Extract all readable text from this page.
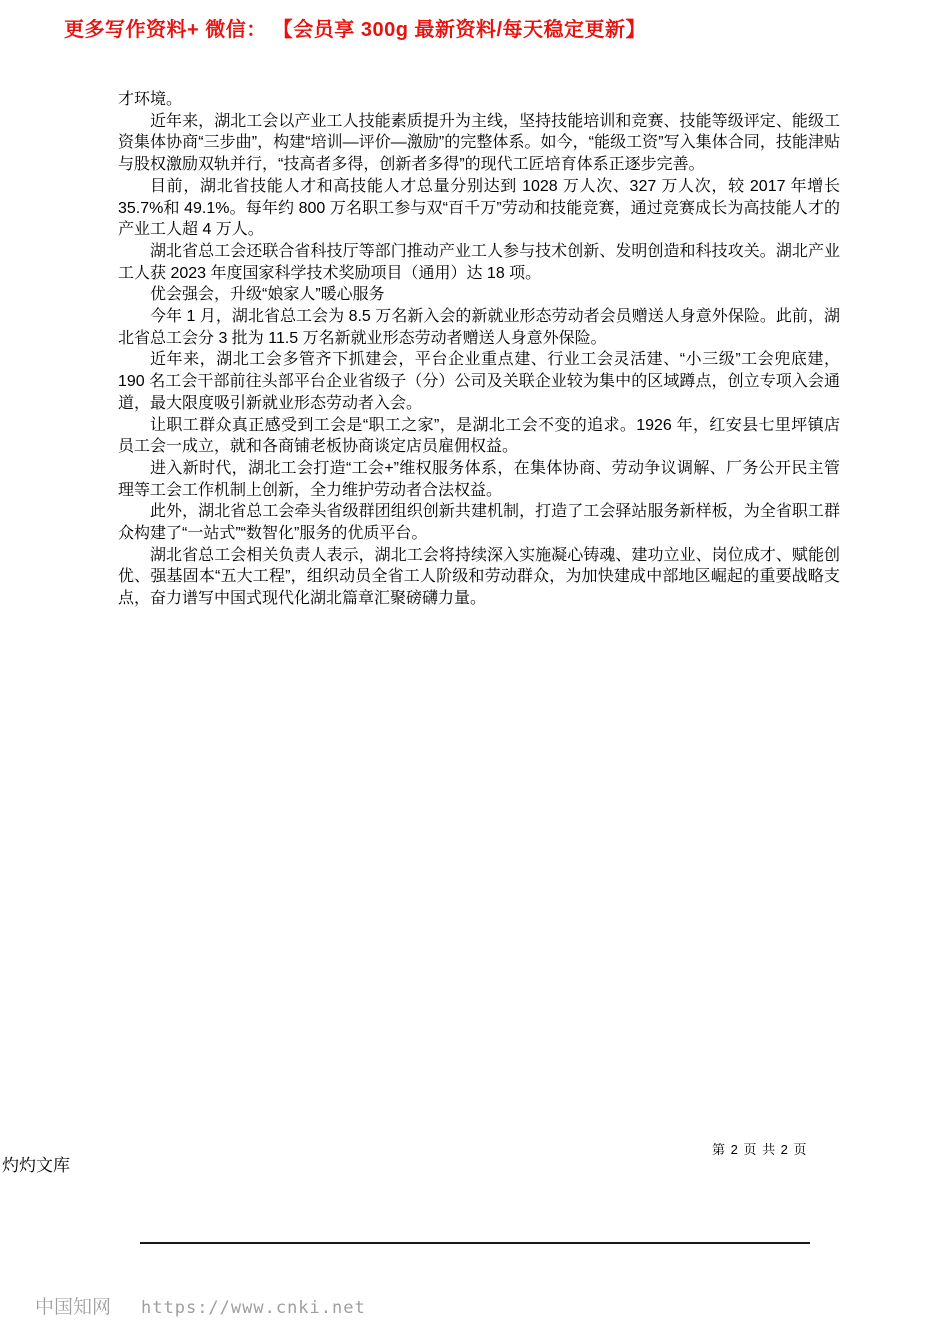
更多写作资料+ 微信： 【会员享 300g 最新资料/每天稳定更新】

才环境。

近年来，湖北工会以产业工人技能素质提升为主线，坚持技能培训和竞赛、技能等级评定、能级工资集体协商“三步曲”，构建“培训—评价—激励”的完整体系。如今，“能级工资”写入集体合同，技能津贴与股权激励双轨并行，“技高者多得，创新者多得”的现代工匠培育体系正逐步完善。

目前，湖北省技能人才和高技能人才总量分别达到 1028 万人次、327 万人次，较 2017 年增长 35.7%和 49.1%。每年约 800 万名职工参与双“百千万”劳动和技能竞赛，通过竞赛成长为高技能人才的产业工人超 4 万人。

湖北省总工会还联合省科技厅等部门推动产业工人参与技术创新、发明创造和科技攻关。湖北产业工人获 2023 年度国家科学技术奖励项目（通用）达 18 项。

优会强会，升级“娘家人”暖心服务

今年 1 月，湖北省总工会为 8.5 万名新入会的新就业形态劳动者会员赠送人身意外保险。此前，湖北省总工会分 3 批为 11.5 万名新就业形态劳动者赠送人身意外保险。

近年来，湖北工会多管齐下抓建会，平台企业重点建、行业工会灵活建、“小三级”工会兜底建，190 名工会干部前往头部平台企业省级子（分）公司及关联企业较为集中的区域蹲点，创立专项入会通道，最大限度吸引新就业形态劳动者入会。

让职工群众真正感受到工会是“职工之家”，是湖北工会不变的追求。1926 年，红安县七里坪镇店员工会一成立，就和各商铺老板协商谈定店员雇佣权益。

进入新时代，湖北工会打造“工会+”维权服务体系，在集体协商、劳动争议调解、厂务公开民主管理等工会工作机制上创新，全力维护劳动者合法权益。

此外，湖北省总工会牵头省级群团组织创新共建机制，打造了工会驿站服务新样板，为全省职工群众构建了“一站式”“数智化”服务的优质平台。

湖北省总工会相关负责人表示，湖北工会将持续深入实施凝心铸魂、建功立业、岗位成才、赋能创优、强基固本“五大工程”，组织动员全省工人阶级和劳动群众，为加快建成中部地区崛起的重要战略支点，奋力谱写中国式现代化湖北篇章汇聚磅礴力量。

第 2 页 共 2 页
灼灼文库
中国知网 https://www.cnki.net
